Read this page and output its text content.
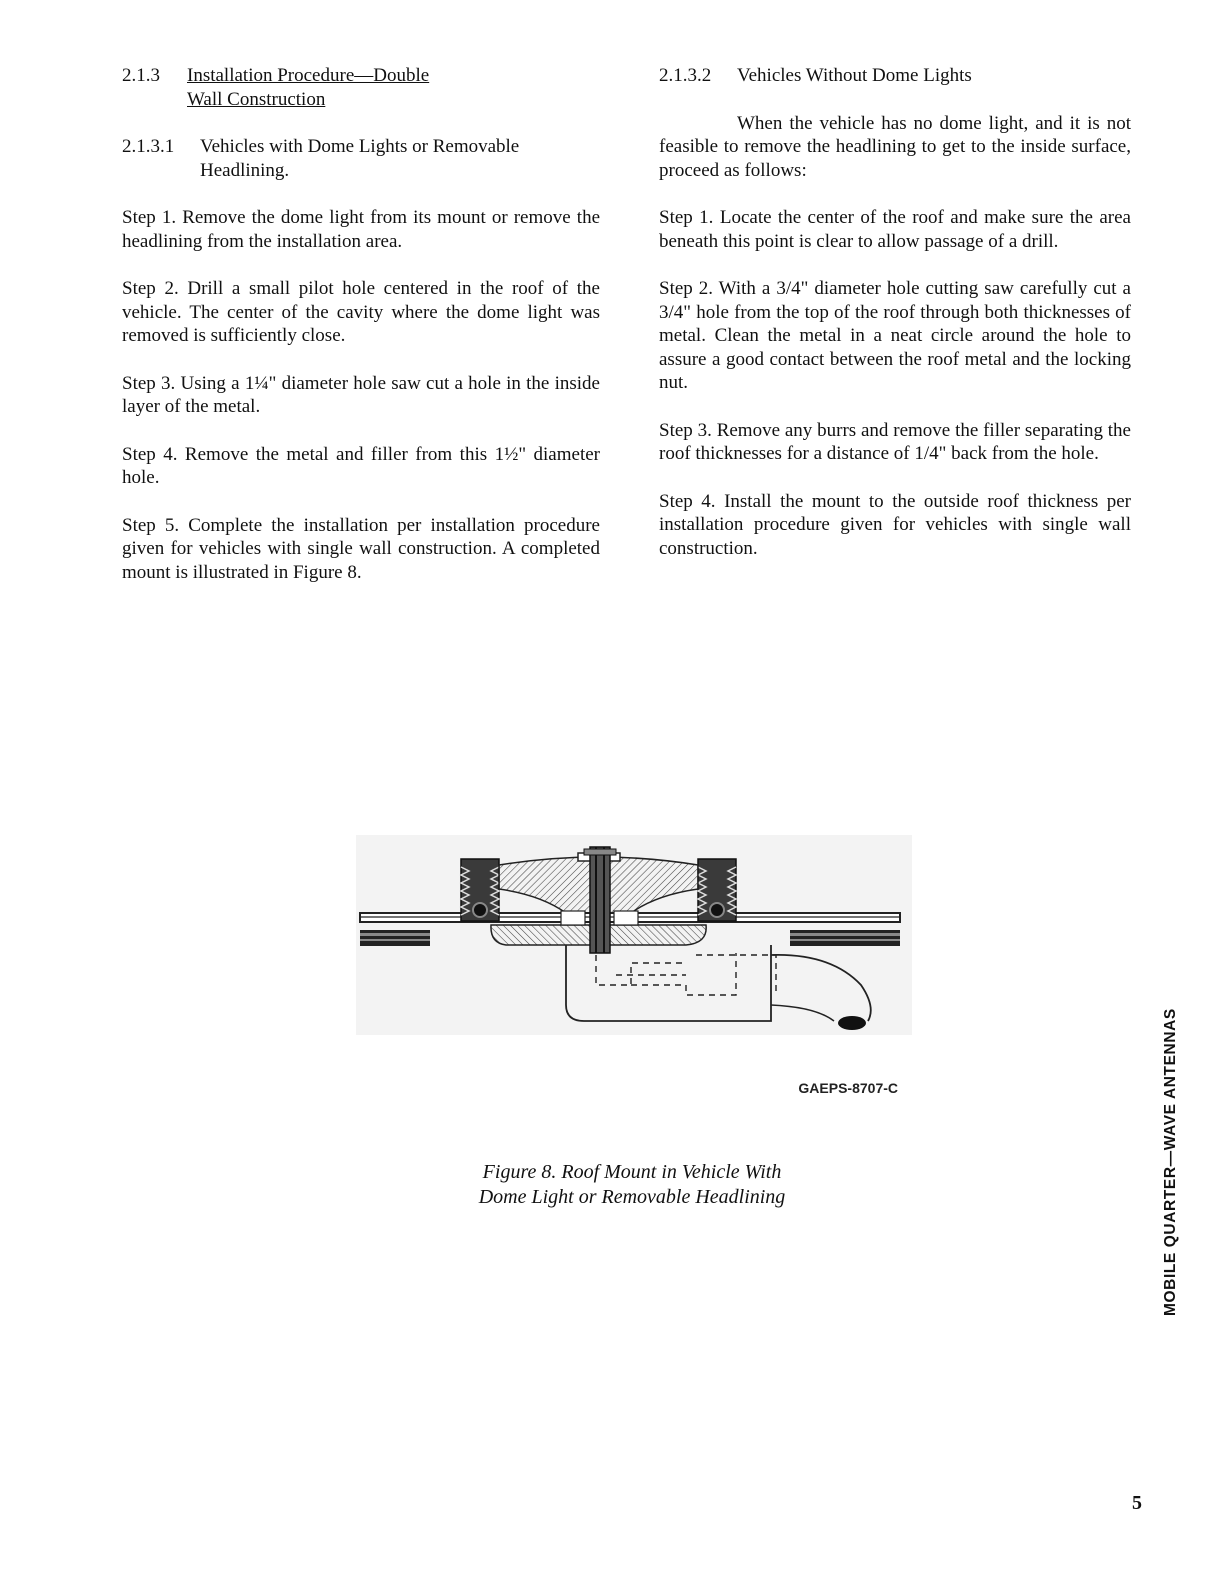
2.1.3	Installation Procedure—Double
Wall Construction
2.1.3.1	Vehicles with Dome Lights or Removable Headlining.

Step 1. Remove the dome light from its mount or remove the headlining from the installation area.

Step 2. Drill a small pilot hole centered in the roof of the vehicle. The center of the cavity where the dome light was removed is sufficiently close.

Step 3. Using a 1¼" diameter hole saw cut a hole in the inside layer of the metal.

Step 4. Remove the metal and filler from this 1½" diameter hole.

Step 5. Complete the installation per installation procedure given for vehicles with single wall construction. A completed mount is illustrated in Figure 8.

2.1.3.2	Vehicles Without Dome Lights

When the vehicle has no dome light, and it is not feasible to remove the headlining to get to the inside surface, proceed as follows:

Step 1. Locate the center of the roof and make sure the area beneath this point is clear to allow passage of a drill.

Step 2. With a 3/4" diameter hole cutting saw carefully cut a 3/4" hole from the top of the roof through both thicknesses of metal. Clean the metal in a neat circle around the hole to assure a good contact between the roof metal and the locking nut.

Step 3. Remove any burrs and remove the filler separating the roof thicknesses for a distance of 1/4" back from the hole.

Step 4. Install the mount to the outside roof thickness per installation procedure given for vehicles with single wall construction.

GAEPS-8707-C
Figure 8. Roof Mount in Vehicle With
Dome Light or Removable Headlining	MOBILE QUARTER—WAVE ANTENNAS
5
